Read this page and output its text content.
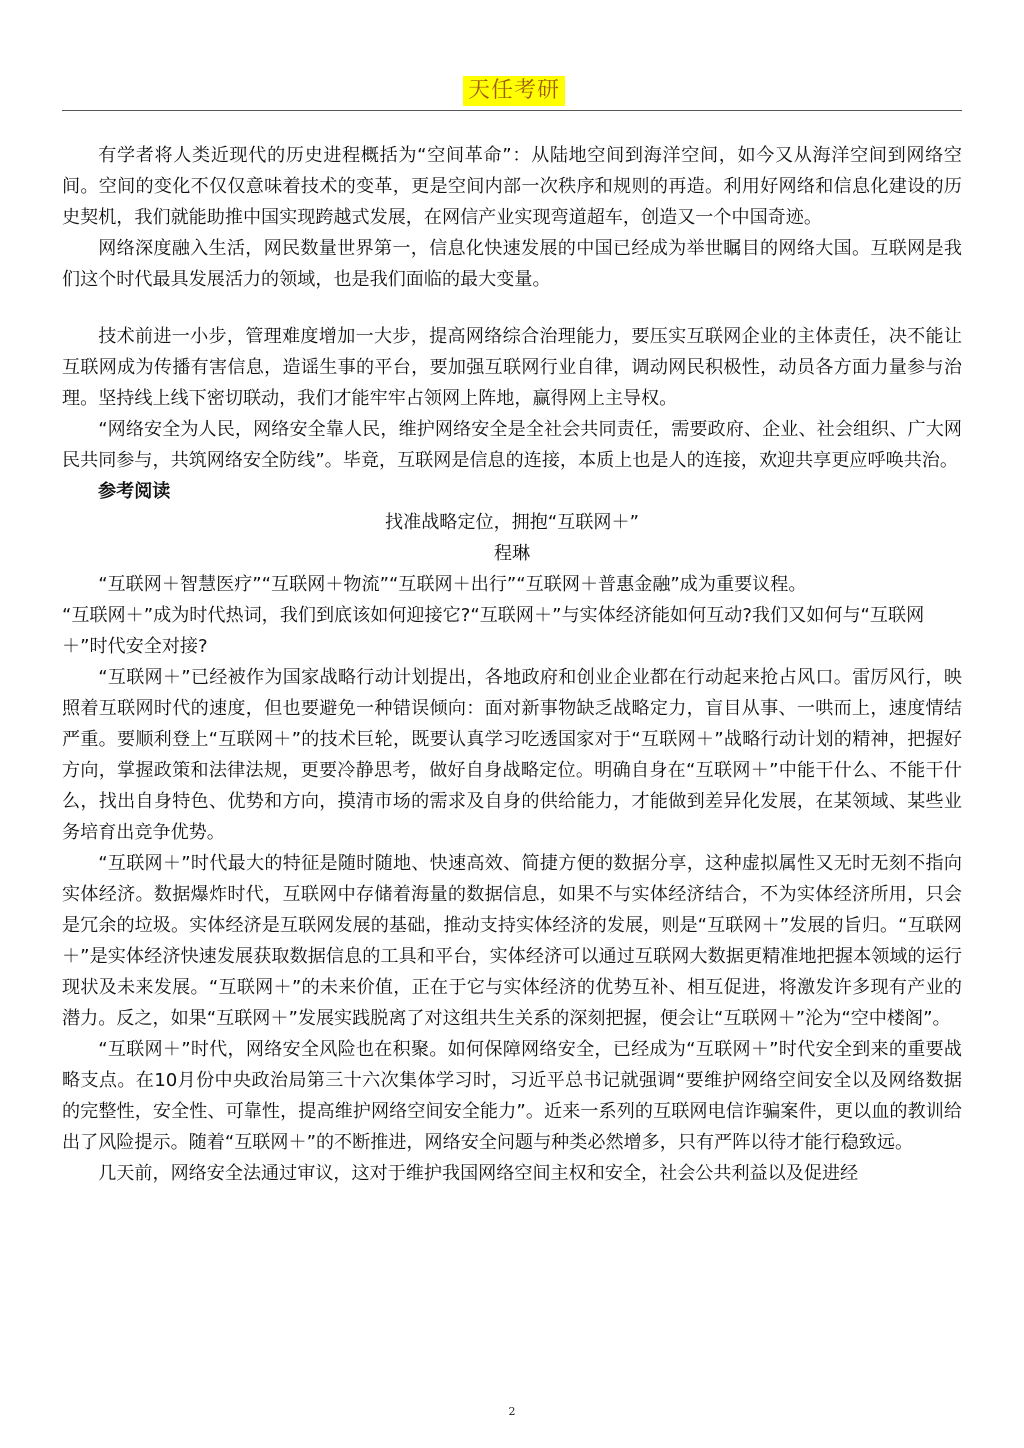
天任考研

有学者将人类近现代的历史进程概括为“空间革命”：从陆地空间到海洋空间，如今又从海洋空间到网络空间。空间的变化不仅仅意味着技术的变革，更是空间内部一次秩序和规则的再造。利用好网络和信息化建设的历史契机，我们就能助推中国实现跨越式发展，在网信产业实现弯道超车，创造又一个中国奇迹。

网络深度融入生活，网民数量世界第一，信息化快速发展的中国已经成为举世瞩目的网络大国。互联网是我们这个时代最具发展活力的领域，也是我们面临的最大变量。

技术前进一小步，管理难度增加一大步，提高网络综合治理能力，要压实互联网企业的主体责任，决不能让互联网成为传播有害信息，造谣生事的平台，要加强互联网行业自律，调动网民积极性，动员各方面力量参与治理。坚持线上线下密切联动，我们才能牢牢占领网上阵地，赢得网上主导权。

“网络安全为人民，网络安全靠人民，维护网络安全是全社会共同责任，需要政府、企业、社会组织、广大网民共同参与，共筑网络安全防线”。毕竟，互联网是信息的连接，本质上也是人的连接，欢迎共享更应呼唤共治。

参考阅读

找准战略定位，拥抱“互联网＋”

程琳

“互联网＋智慧医疗”“互联网＋物流”“互联网＋出行”“互联网＋普惠金融”成为重要议程。

“互联网＋”成为时代热词，我们到底该如何迎接它?“互联网＋”与实体经济能如何互动?我们又如何与“互联网＋”时代安全对接?

“互联网＋”已经被作为国家战略行动计划提出，各地政府和创业企业都在行动起来抢占风口。雷厉风行，映照着互联网时代的速度，但也要避免一种错误倾向：面对新事物缺乏战略定力，盲目从事、一哄而上，速度情结严重。要顺利登上“互联网＋”的技术巨轮，既要认真学习吃透国家对于“互联网＋”战略行动计划的精神，把握好方向，掌握政策和法律法规，更要冷静思考，做好自身战略定位。明确自身在“互联网＋”中能干什么、不能干什么，找出自身特色、优势和方向，摸清市场的需求及自身的供给能力，才能做到差异化发展，在某领域、某些业务培育出竞争优势。

“互联网＋”时代最大的特征是随时随地、快速高效、简捷方便的数据分享，这种虚拟属性又无时无刻不指向实体经济。数据爆炸时代，互联网中存储着海量的数据信息，如果不与实体经济结合，不为实体经济所用，只会是冗余的垃圾。实体经济是互联网发展的基础，推动支持实体经济的发展，则是“互联网＋”发展的旨归。“互联网＋”是实体经济快速发展获取数据信息的工具和平台，实体经济可以通过互联网大数据更精准地把握本领域的运行现状及未来发展。“互联网＋”的未来价值，正在于它与实体经济的优势互补、相互促进，将激发许多现有产业的潜力。反之，如果“互联网＋”发展实践脱离了对这组共生关系的深刻把握，便会让“互联网＋”沦为“空中楼阁”。

“互联网＋”时代，网络安全风险也在积聚。如何保障网络安全，已经成为“互联网＋”时代安全到来的重要战略支点。在10月份中央政治局第三十六次集体学习时，习近平总书记就强调“要维护网络空间安全以及网络数据的完整性，安全性、可靠性，提高维护网络空间安全能力”。近来一系列的互联网电信诈骗案件，更以血的教训给出了风险提示。随着“互联网＋”的不断推进，网络安全问题与种类必然增多，只有严阵以待才能行稳致远。

几天前，网络安全法通过审议，这对于维护我国网络空间主权和安全，社会公共利益以及促进经

2
